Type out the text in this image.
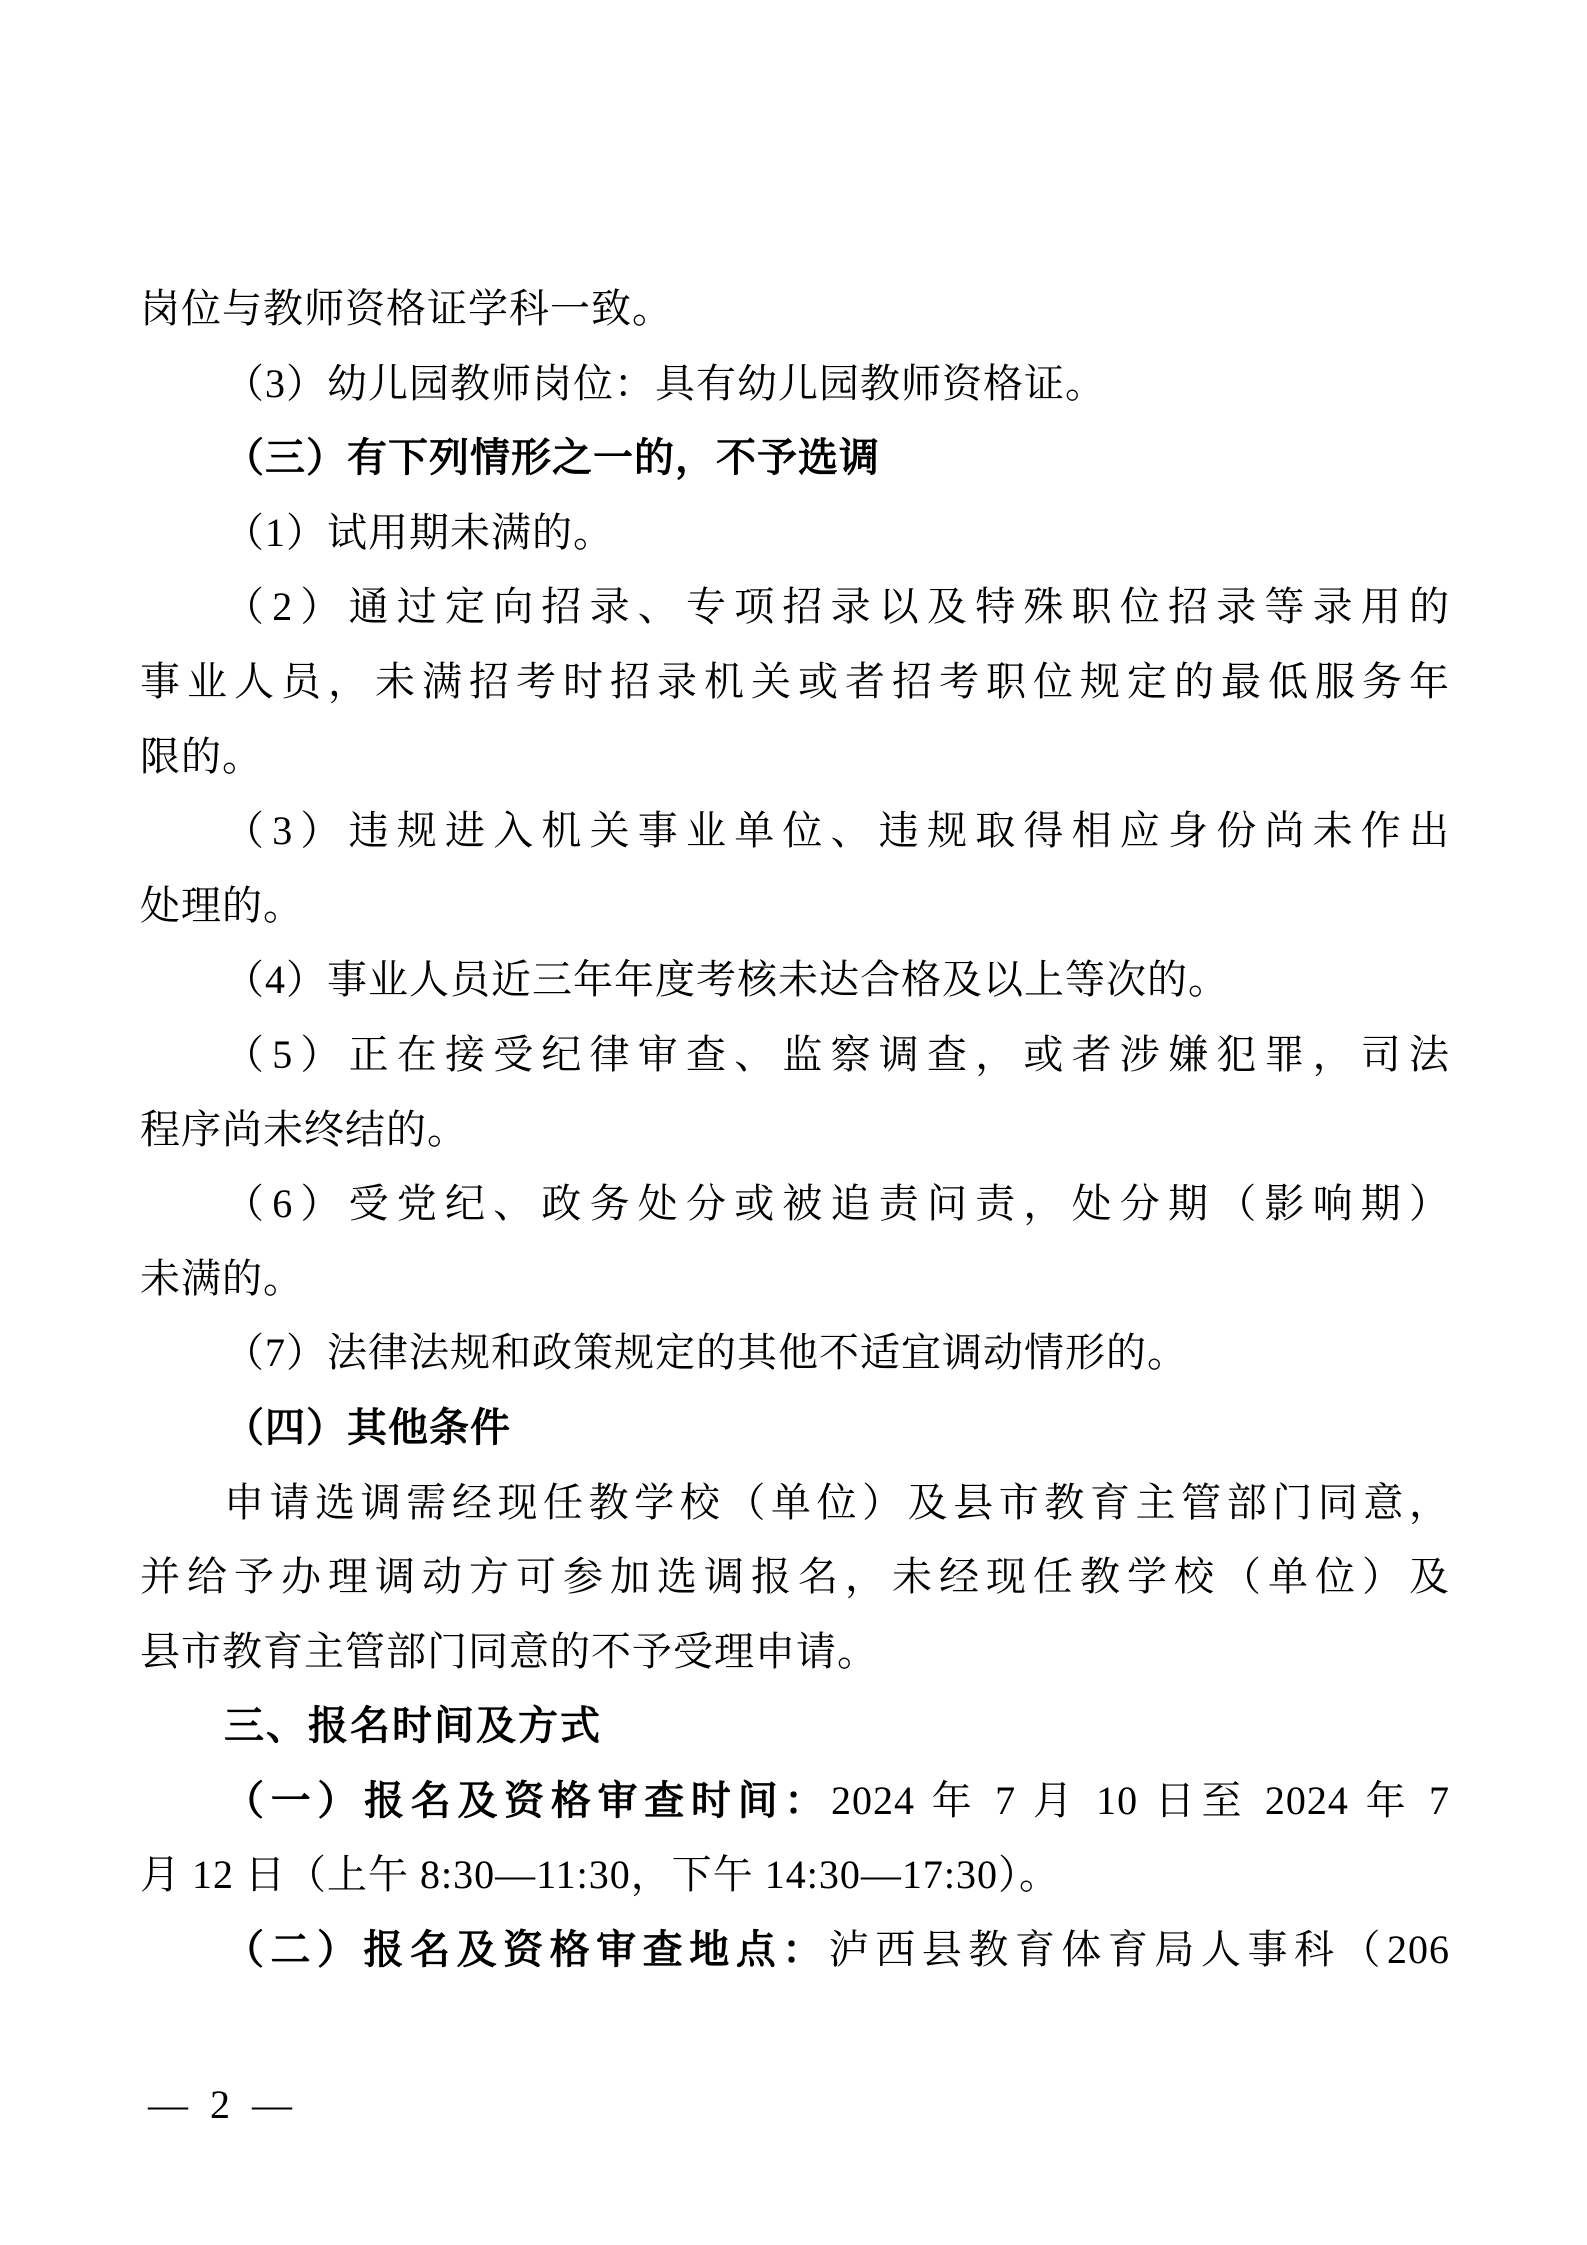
岗位与教师资格证学科一致。
（3）幼儿园教师岗位：具有幼儿园教师资格证。
（三）有下列情形之一的，不予选调
（1）试用期未满的。
（2）通过定向招录、专项招录以及特殊职位招录等录用的
事业人员，未满招考时招录机关或者招考职位规定的最低服务年
限的。
（3）违规进入机关事业单位、违规取得相应身份尚未作出
处理的。
（4）事业人员近三年年度考核未达合格及以上等次的。
（5）正在接受纪律审查、监察调查，或者涉嫌犯罪，司法
程序尚未终结的。
（6）受党纪、政务处分或被追责问责，处分期（影响期）
未满的。
（7）法律法规和政策规定的其他不适宜调动情形的。
（四）其他条件
申请选调需经现任教学校（单位）及县市教育主管部门同意，
并给予办理调动方可参加选调报名，未经现任教学校（单位）及
县市教育主管部门同意的不予受理申请。
三、报名时间及方式
（一）报名及资格审查时间：2024 年 7 月 10 日至 2024 年 7
月 12 日（上午 8:30—11:30，下午 14:30—17:30）。
（二）报名及资格审查地点：泸西县教育体育局人事科（206
— 2 —
